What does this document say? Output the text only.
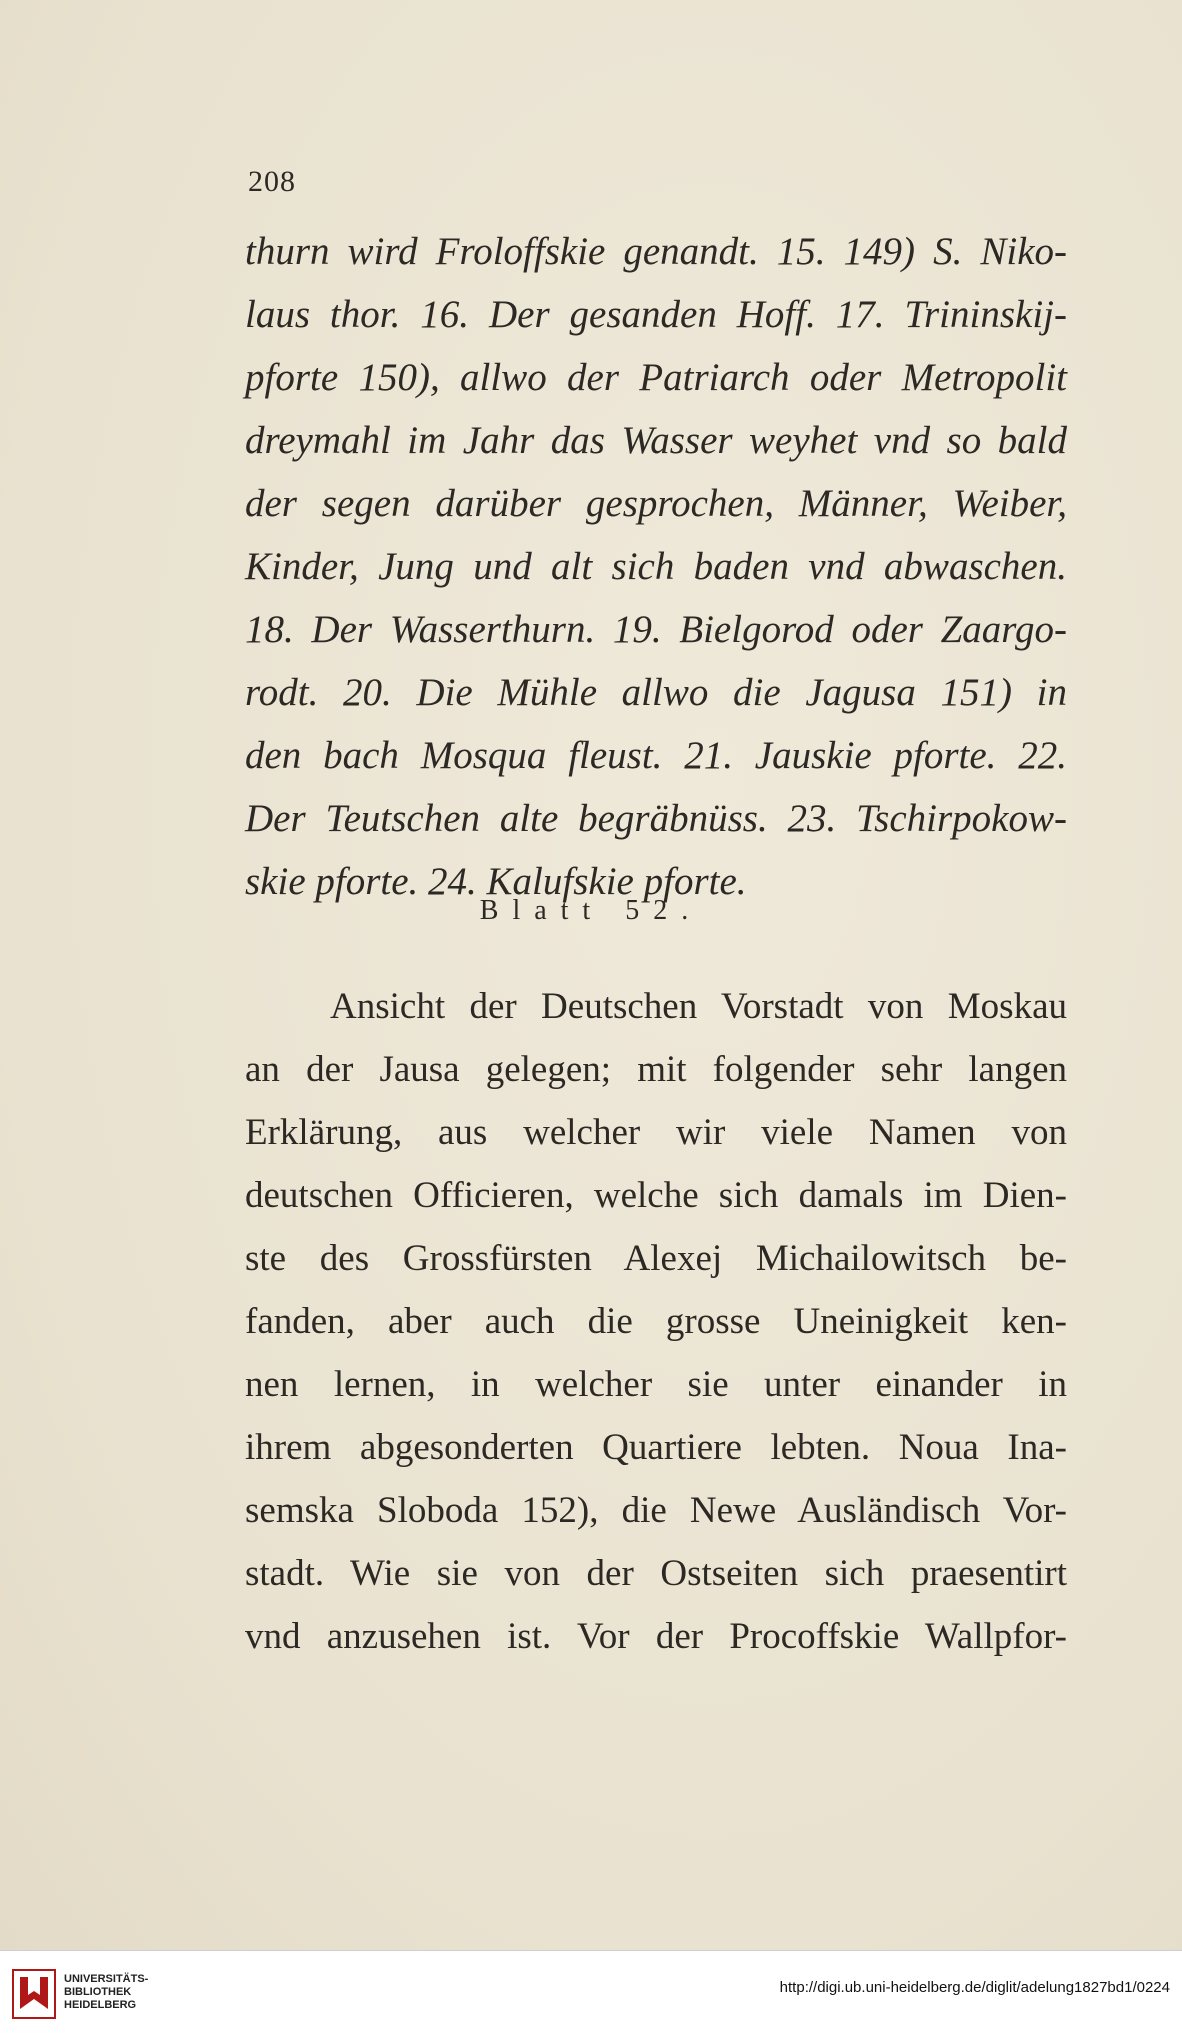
208
thurn wird Froloffskie genandt. 15. 149) S. Niko-
laus thor. 16. Der gesanden Hoff. 17. Trininskij-
pforte 150), allwo der Patriarch oder Metropolit
dreymahl im Jahr das Wasser weyhet vnd so bald
der segen darüber gesprochen, Männer, Weiber,
Kinder, Jung und alt sich baden vnd abwaschen.
18. Der Wasserthurn. 19. Bielgorod oder Zaargo-
rodt. 20. Die Mühle allwo die Jagusa 151) in
den bach Mosqua fleust. 21. Jauskie pforte. 22.
Der Teutschen alte begräbnüss. 23. Tschirpokow-
skie pforte. 24. Kalufskie pforte.
Blatt 52.
Ansicht der Deutschen Vorstadt von Moskau
an der Jausa gelegen; mit folgender sehr langen
Erklärung, aus welcher wir viele Namen von
deutschen Officieren, welche sich damals im Dien-
ste des Grossfürsten Alexej Michailowitsch be-
fanden, aber auch die grosse Uneinigkeit ken-
nen lernen, in welcher sie unter einander in
ihrem abgesonderten Quartiere lebten. Noua Ina-
semska Sloboda 152), die Newe Ausländisch Vor-
stadt. Wie sie von der Ostseiten sich praesentirt
vnd anzusehen ist. Vor der Procoffskie Wallpfor-
UNIVERSITÄTS-
BIBLIOTHEK
HEIDELBERG
http://digi.ub.uni-heidelberg.de/diglit/adelung1827bd1/0224
